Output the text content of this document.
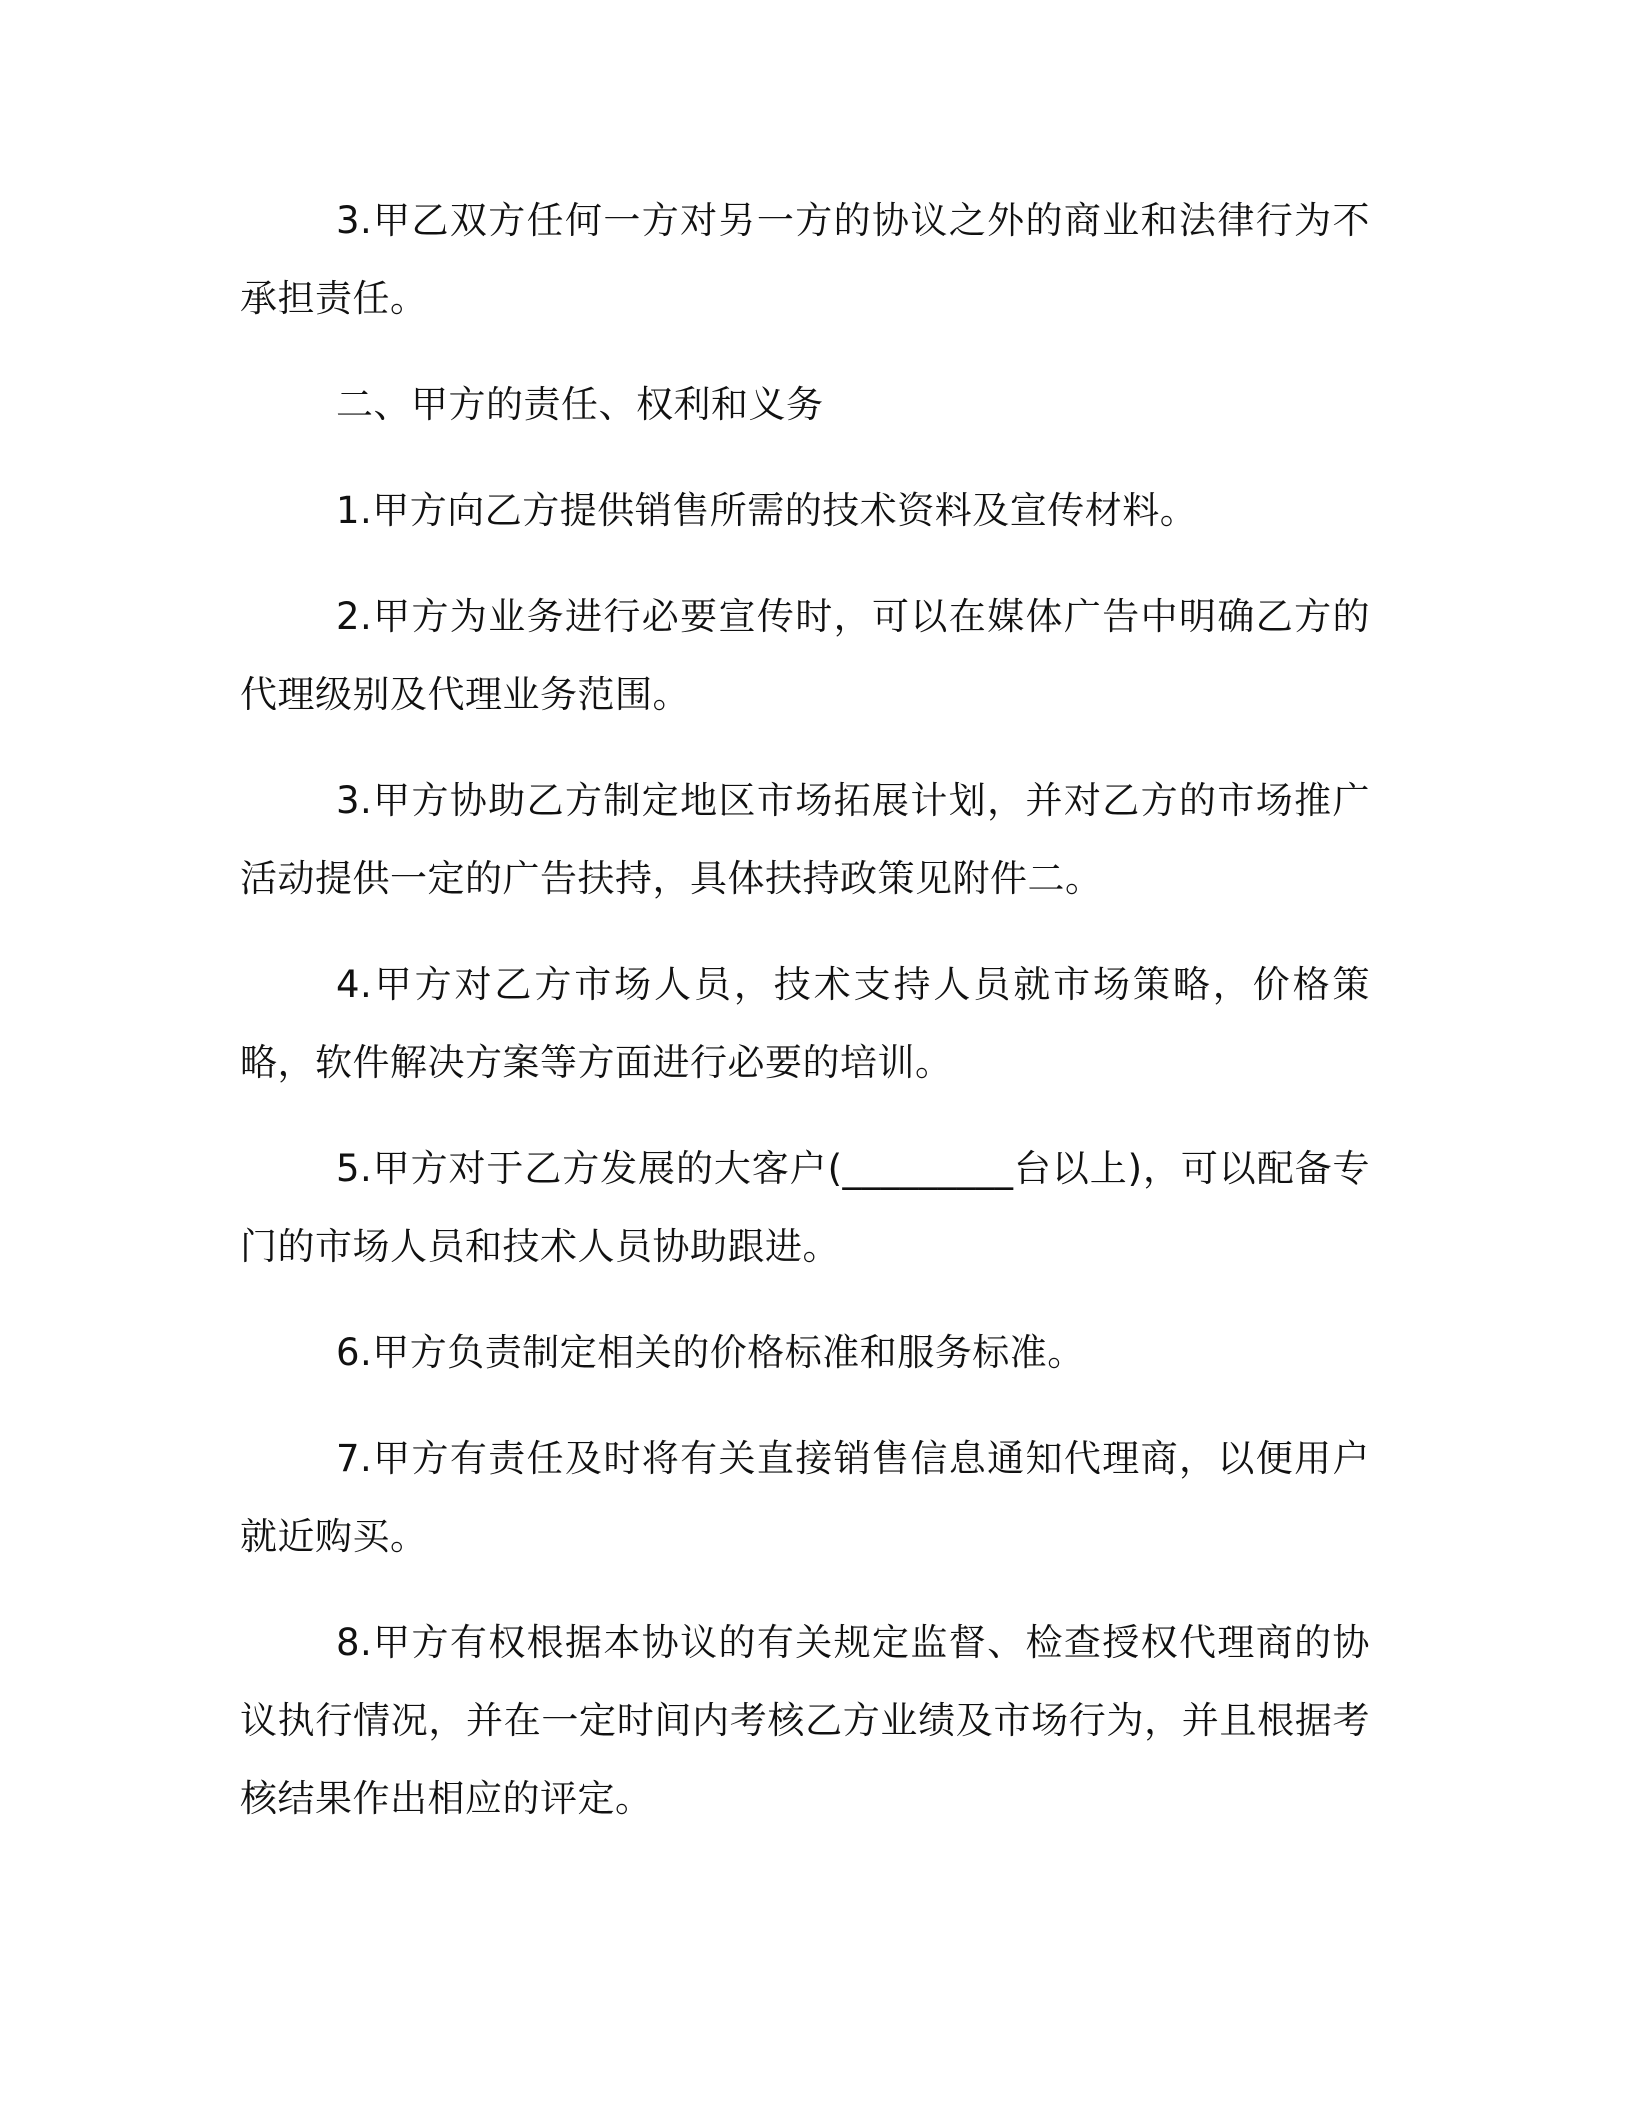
3.甲乙双方任何一方对另一方的协议之外的商业和法律行为不承担责任。

二、甲方的责任、权利和义务

1.甲方向乙方提供销售所需的技术资料及宣传材料。

2.甲方为业务进行必要宣传时，可以在媒体广告中明确乙方的代理级别及代理业务范围。

3.甲方协助乙方制定地区市场拓展计划，并对乙方的市场推广活动提供一定的广告扶持，具体扶持政策见附件二。

4.甲方对乙方市场人员，技术支持人员就市场策略，价格策略，软件解决方案等方面进行必要的培训。

5.甲方对于乙方发展的大客户(_________台以上)，可以配备专门的市场人员和技术人员协助跟进。

6.甲方负责制定相关的价格标准和服务标准。

7.甲方有责任及时将有关直接销售信息通知代理商，以便用户就近购买。

8.甲方有权根据本协议的有关规定监督、检查授权代理商的协议执行情况，并在一定时间内考核乙方业绩及市场行为，并且根据考核结果作出相应的评定。
